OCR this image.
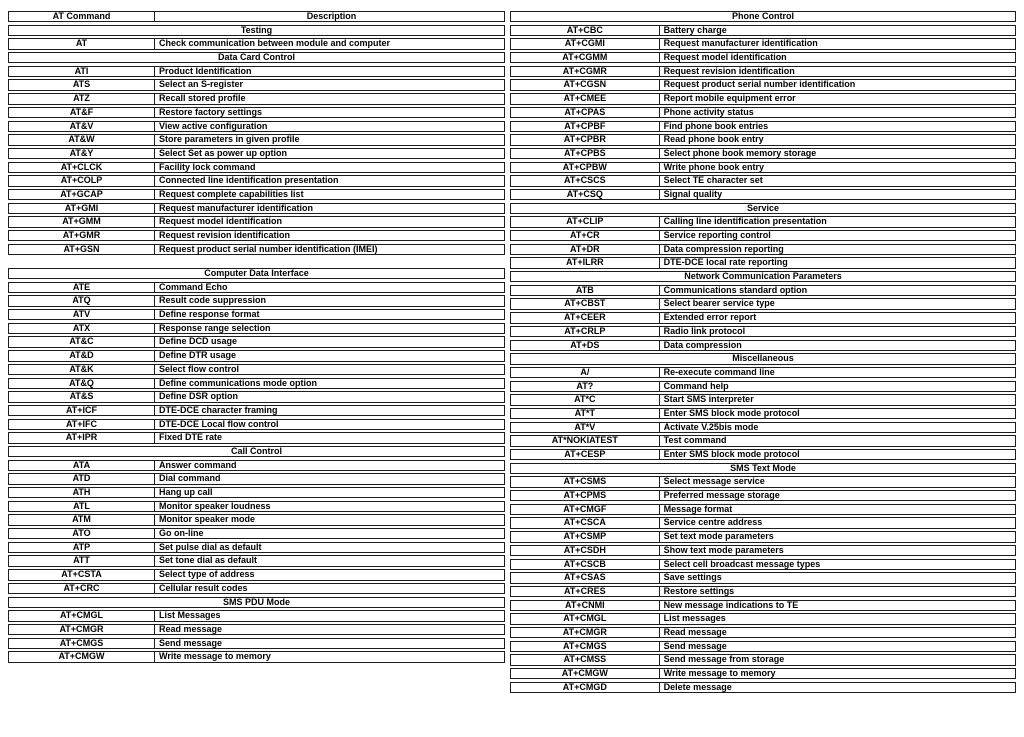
AT Command	Description
Testing
AT	Check communication between module and computer
Data Card Control
ATI	Product Identification
ATS	Select an S-register
ATZ	Recall stored profile
AT&F	Restore factory settings
AT&V	View active configuration
AT&W	Store parameters in given profile
AT&Y	Select Set as power up option
AT+CLCK	Facility lock command
AT+COLP	Connected line identification presentation
AT+GCAP	Request complete capabilities list
AT+GMI	Request manufacturer identification
AT+GMM	Request model identification
AT+GMR	Request revision identification
AT+GSN	Request product serial number identification (IMEI)
Computer Data Interface
ATE	Command Echo
ATQ	Result code suppression
ATV	Define response format
ATX	Response range selection
AT&C	Define DCD usage
AT&D	Define DTR usage
AT&K	Select flow control
AT&Q	Define communications mode option
AT&S	Define DSR option
AT+ICF	DTE-DCE character framing
AT+IFC	DTE-DCE Local flow control
AT+IPR	Fixed DTE rate
Call Control
ATA	Answer command
ATD	Dial command
ATH	Hang up call
ATL	Monitor speaker loudness
ATM	Monitor speaker mode
ATO	Go on-line
ATP	Set pulse dial as default
ATT	Set tone dial as default
AT+CSTA	Select type of address
AT+CRC	Cellular result codes
SMS PDU Mode
AT+CMGL	List Messages
AT+CMGR	Read message
AT+CMGS	Send message
AT+CMGW	Write message to memory
Phone Control
AT+CBC	Battery charge
AT+CGMI	Request manufacturer identification
AT+CGMM	Request model identification
AT+CGMR	Request revision identification
AT+CGSN	Request product serial number identification
AT+CMEE	Report mobile equipment error
AT+CPAS	Phone activity status
AT+CPBF	Find phone book entries
AT+CPBR	Read phone book entry
AT+CPBS	Select phone book memory storage
AT+CPBW	Write phone book entry
AT+CSCS	Select TE character set
AT+CSQ	Signal quality
Service
AT+CLIP	Calling line identification presentation
AT+CR	Service reporting control
AT+DR	Data compression reporting
AT+ILRR	DTE-DCE local rate reporting
Network Communication Parameters
ATB	Communications standard option
AT+CBST	Select bearer service type
AT+CEER	Extended error report
AT+CRLP	Radio link protocol
AT+DS	Data compression
Miscellaneous
A/	Re-execute command line
AT?	Command help
AT*C	Start SMS interpreter
AT*T	Enter SMS block mode protocol
AT*V	Activate V.25bis mode
AT*NOKIATEST	Test command
AT+CESP	Enter SMS block mode protocol
SMS Text Mode
AT+CSMS	Select message service
AT+CPMS	Preferred message storage
AT+CMGF	Message format
AT+CSCA	Service centre address
AT+CSMP	Set text mode parameters
AT+CSDH	Show text mode parameters
AT+CSCB	Select cell broadcast message types
AT+CSAS	Save settings
AT+CRES	Restore settings
AT+CNMI	New message indications to TE
AT+CMGL	List messages
AT+CMGR	Read message
AT+CMGS	Send message
AT+CMSS	Send message from storage
AT+CMGW	Write message to memory
AT+CMGD	Delete message
